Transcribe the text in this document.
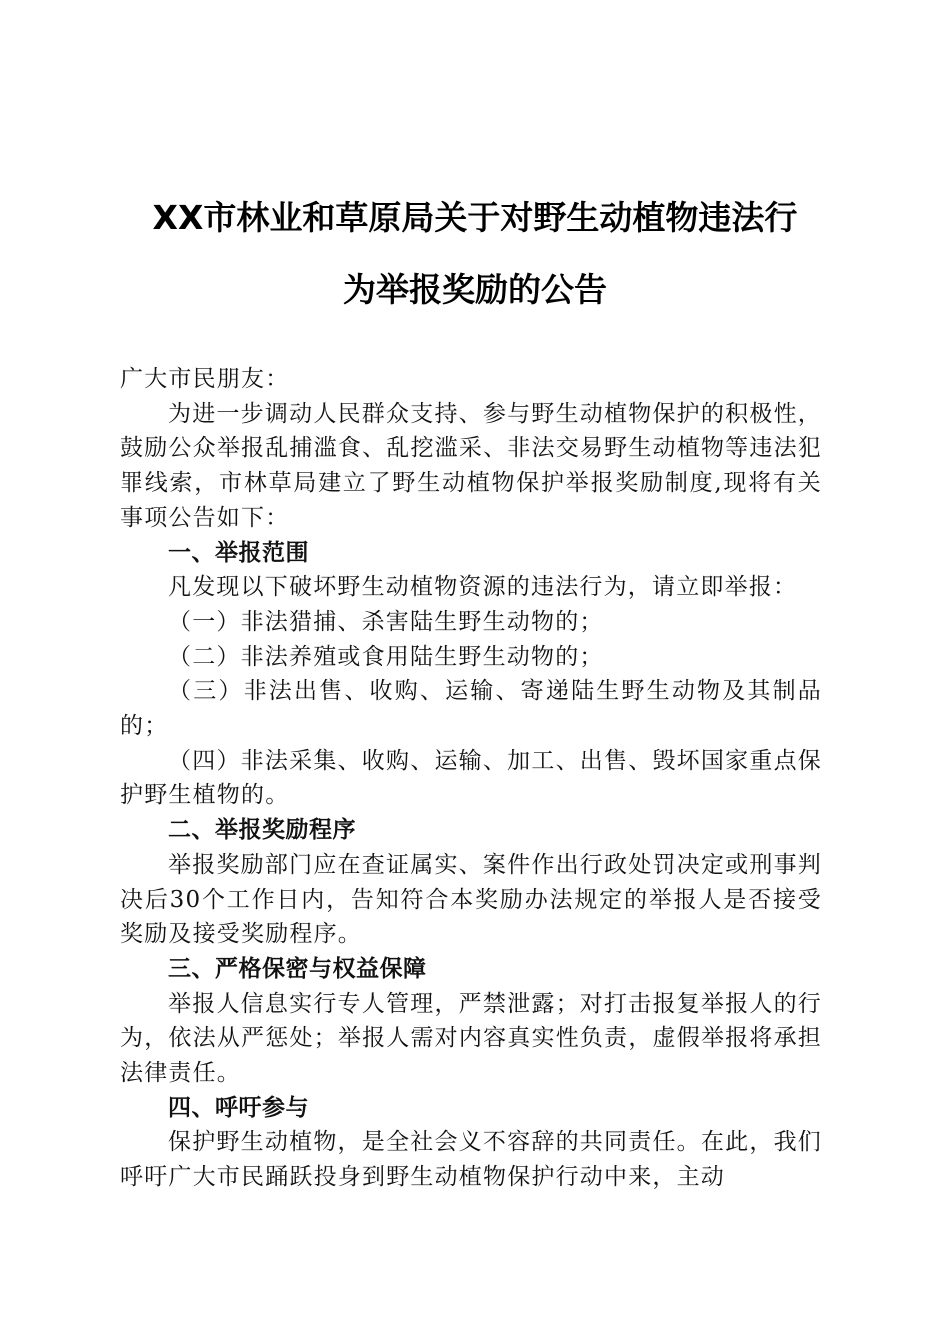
XX市林业和草原局关于对野生动植物违法行
为举报奖励的公告

广大市民朋友：

为进一步调动人民群众支持、参与野生动植物保护的积极性，鼓励公众举报乱捕滥食、乱挖滥采、非法交易野生动植物等违法犯罪线索，市林草局建立了野生动植物保护举报奖励制度,现将有关事项公告如下：

一、举报范围

凡发现以下破坏野生动植物资源的违法行为，请立即举报：

（一）非法猎捕、杀害陆生野生动物的；

（二）非法养殖或食用陆生野生动物的；

（三）非法出售、收购、运输、寄递陆生野生动物及其制品的；

（四）非法采集、收购、运输、加工、出售、毁坏国家重点保护野生植物的。

二、举报奖励程序

举报奖励部门应在查证属实、案件作出行政处罚决定或刑事判决后30个工作日内，告知符合本奖励办法规定的举报人是否接受奖励及接受奖励程序。

三、严格保密与权益保障

举报人信息实行专人管理，严禁泄露；对打击报复举报人的行为，依法从严惩处；举报人需对内容真实性负责，虚假举报将承担法律责任。

四、呼吁参与

保护野生动植物，是全社会义不容辞的共同责任。在此，我们呼吁广大市民踊跃投身到野生动植物保护行动中来，主动
